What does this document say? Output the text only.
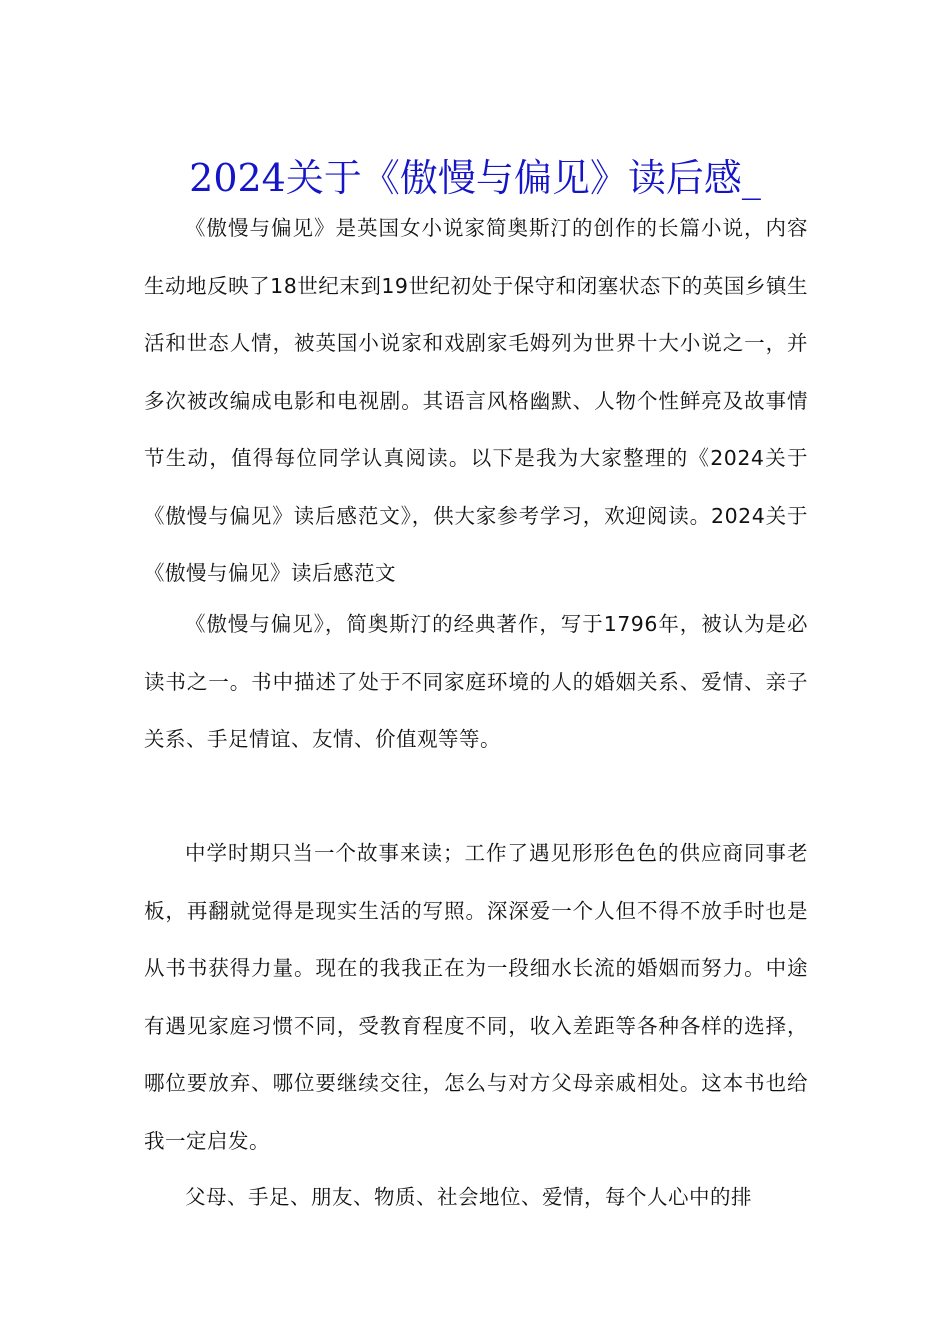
2024关于《傲慢与偏见》读后感_

《傲慢与偏见》是英国女小说家简奥斯汀的创作的长篇小说，内容生动地反映了18世纪末到19世纪初处于保守和闭塞状态下的英国乡镇生活和世态人情，被英国小说家和戏剧家毛姆列为世界十大小说之一，并多次被改编成电影和电视剧。其语言风格幽默、人物个性鲜亮及故事情节生动，值得每位同学认真阅读。以下是我为大家整理的《2024关于《傲慢与偏见》读后感范文》，供大家参考学习，欢迎阅读。2024关于《傲慢与偏见》读后感范文

《傲慢与偏见》，简奥斯汀的经典著作，写于1796年，被认为是必读书之一。书中描述了处于不同家庭环境的人的婚姻关系、爱情、亲子关系、手足情谊、友情、价值观等等。

中学时期只当一个故事来读；工作了遇见形形色色的供应商同事老板，再翻就觉得是现实生活的写照。深深爱一个人但不得不放手时也是从书书获得力量。现在的我我正在为一段细水长流的婚姻而努力。中途有遇见家庭习惯不同，受教育程度不同，收入差距等各种各样的选择，哪位要放弃、哪位要继续交往，怎么与对方父母亲戚相处。这本书也给我一定启发。

父母、手足、朋友、物质、社会地位、爱情，每个人心中的排
